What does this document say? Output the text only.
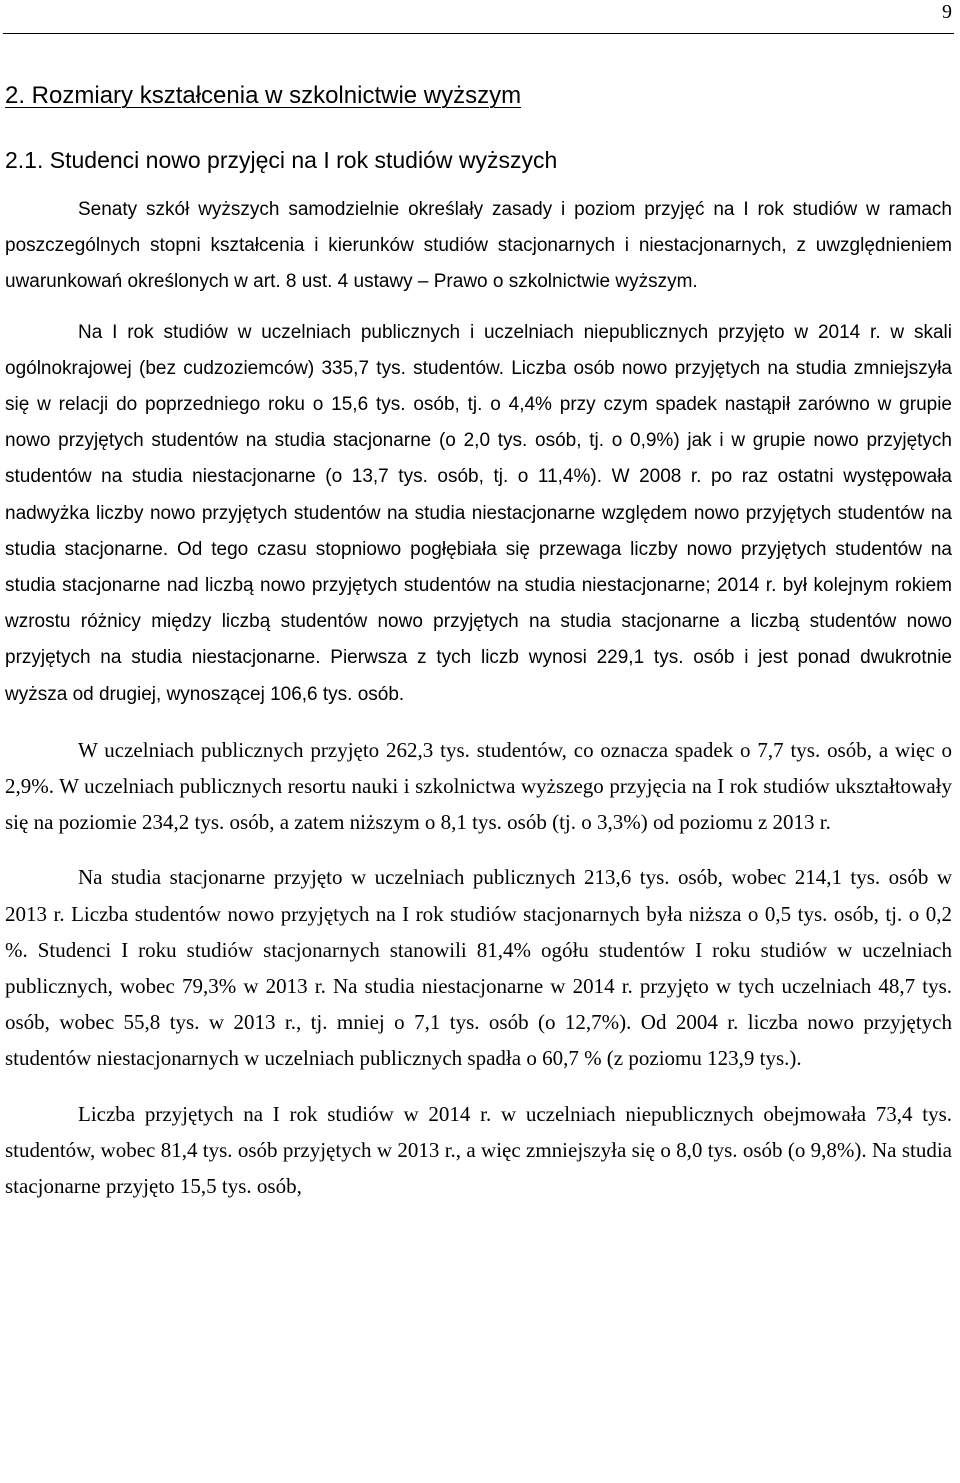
9
2. Rozmiary kształcenia w szkolnictwie wyższym
2.1. Studenci nowo przyjęci na I rok studiów wyższych

Senaty szkół wyższych samodzielnie określały zasady i poziom przyjęć na I rok studiów w ramach poszczególnych stopni kształcenia i kierunków studiów stacjonarnych i niestacjonarnych, z uwzględnieniem uwarunkowań określonych w art. 8 ust. 4 ustawy – Prawo o szkolnictwie wyższym.

Na I rok studiów w uczelniach publicznych i uczelniach niepublicznych przyjęto w 2014 r. w skali ogólnokrajowej (bez cudzoziemców) 335,7 tys. studentów. Liczba osób nowo przyjętych na studia zmniejszyła się w relacji do poprzedniego roku o 15,6 tys. osób, tj. o 4,4% przy czym spadek nastąpił zarówno w grupie nowo przyjętych studentów na studia stacjonarne (o 2,0 tys. osób, tj. o 0,9%) jak i w grupie nowo przyjętych studentów na studia niestacjonarne (o 13,7 tys. osób, tj. o 11,4%). W 2008 r. po raz ostatni występowała nadwyżka liczby nowo przyjętych studentów na studia niestacjonarne względem nowo przyjętych studentów na studia stacjonarne. Od tego czasu stopniowo pogłębiała się przewaga liczby nowo przyjętych studentów na studia stacjonarne nad liczbą nowo przyjętych studentów na studia niestacjonarne; 2014 r. był kolejnym rokiem wzrostu różnicy między liczbą studentów nowo przyjętych na studia stacjonarne a liczbą studentów nowo przyjętych na studia niestacjonarne. Pierwsza z tych liczb wynosi 229,1 tys. osób i jest ponad dwukrotnie wyższa od drugiej, wynoszącej 106,6 tys. osób.

W uczelniach publicznych przyjęto 262,3 tys. studentów, co oznacza spadek o 7,7 tys. osób, a więc o 2,9%. W uczelniach publicznych resortu nauki i szkolnictwa wyższego przyjęcia na I rok studiów ukształtowały się na poziomie 234,2 tys. osób, a zatem niższym o 8,1 tys. osób (tj. o 3,3%) od poziomu z 2013 r.

Na studia stacjonarne przyjęto w uczelniach publicznych 213,6 tys. osób, wobec 214,1 tys. osób w 2013 r. Liczba studentów nowo przyjętych na I rok studiów stacjonarnych była niższa o 0,5 tys. osób, tj. o 0,2 %. Studenci I roku studiów stacjonarnych stanowili 81,4% ogółu studentów I roku studiów w uczelniach publicznych, wobec 79,3% w 2013 r. Na studia niestacjonarne w 2014 r. przyjęto w tych uczelniach 48,7 tys. osób, wobec 55,8 tys. w 2013 r., tj. mniej o 7,1 tys. osób (o 12,7%). Od 2004 r. liczba nowo przyjętych studentów niestacjonarnych w uczelniach publicznych spadła o 60,7 % (z poziomu 123,9 tys.).

Liczba przyjętych na I rok studiów w 2014 r. w uczelniach niepublicznych obejmowała 73,4 tys. studentów, wobec 81,4 tys. osób przyjętych w 2013 r., a więc zmniejszyła się o 8,0 tys. osób (o 9,8%). Na studia stacjonarne przyjęto 15,5 tys. osób,
